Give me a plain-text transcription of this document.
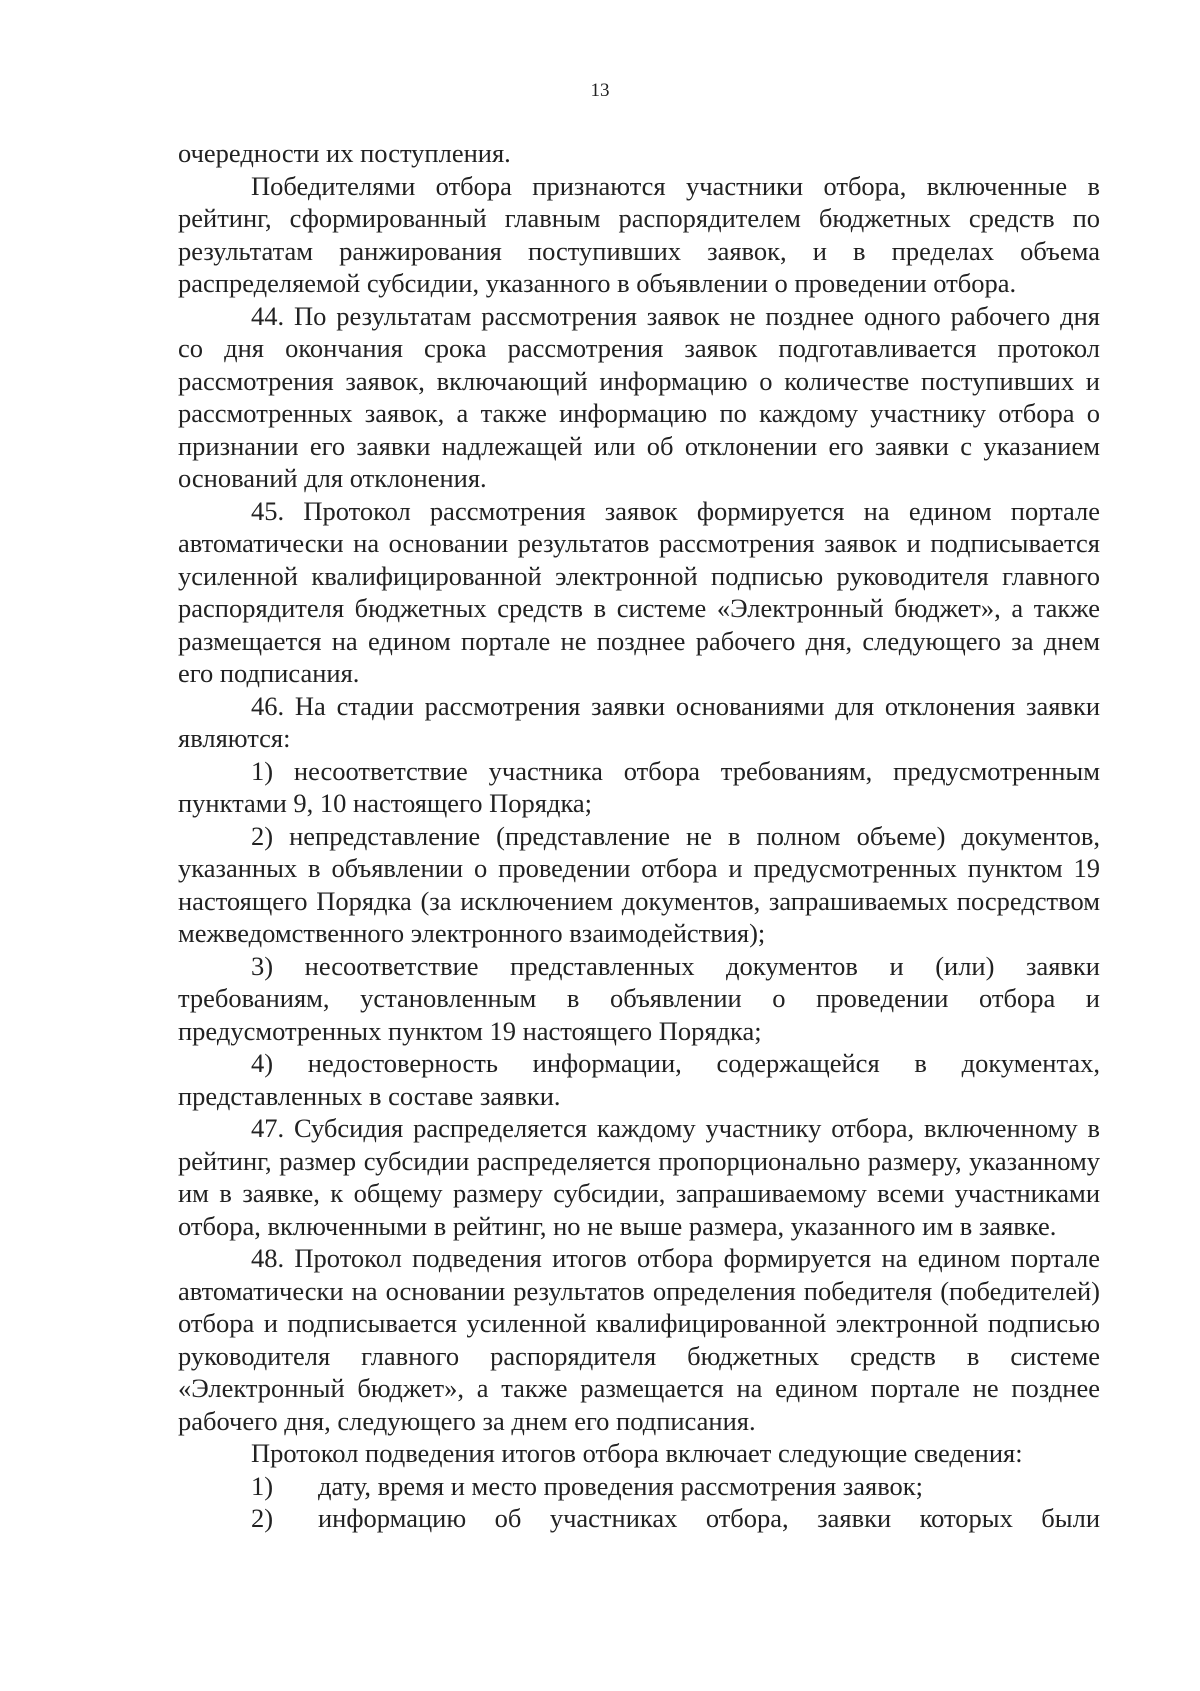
13

очередности их поступления.

Победителями отбора признаются участники отбора, включенные в рейтинг, сформированный главным распорядителем бюджетных средств по результатам ранжирования поступивших заявок, и в пределах объема распределяемой субсидии, указанного в объявлении о проведении отбора.

44. По результатам рассмотрения заявок не позднее одного рабочего дня со дня окончания срока рассмотрения заявок подготавливается протокол рассмотрения заявок, включающий информацию о количестве поступивших и рассмотренных заявок, а также информацию по каждому участнику отбора о признании его заявки надлежащей или об отклонении его заявки с указанием оснований для отклонения.

45. Протокол рассмотрения заявок формируется на едином портале автоматически на основании результатов рассмотрения заявок и подписывается усиленной квалифицированной электронной подписью руководителя главного распорядителя бюджетных средств в системе «Электронный бюджет», а также размещается на едином портале не позднее рабочего дня, следующего за днем его подписания.

46. На стадии рассмотрения заявки основаниями для отклонения заявки являются:

1) несоответствие участника отбора требованиям, предусмотренным пунктами 9, 10 настоящего Порядка;

2) непредставление (представление не в полном объеме) документов, указанных в объявлении о проведении отбора и предусмотренных пунктом 19 настоящего Порядка (за исключением документов, запрашиваемых посредством межведомственного электронного взаимодействия);

3) несоответствие представленных документов и (или) заявки требованиям, установленным в объявлении о проведении отбора и предусмотренных пунктом 19 настоящего Порядка;

4) недостоверность информации, содержащейся в документах, представленных в составе заявки.

47. Субсидия распределяется каждому участнику отбора, включенному в рейтинг, размер субсидии распределяется пропорционально размеру, указанному им в заявке, к общему размеру субсидии, запрашиваемому всеми участниками отбора, включенными в рейтинг, но не выше размера, указанного им в заявке.

48. Протокол подведения итогов отбора формируется на едином портале автоматически на основании результатов определения победителя (победителей) отбора и подписывается усиленной квалифицированной электронной подписью руководителя главного распорядителя бюджетных средств в системе «Электронный бюджет», а также размещается на едином портале не позднее рабочего дня, следующего за днем его подписания.

Протокол подведения итогов отбора включает следующие сведения:

1)	дату, время и место проведения рассмотрения заявок;
2)	информацию об участниках отбора, заявки которых были
